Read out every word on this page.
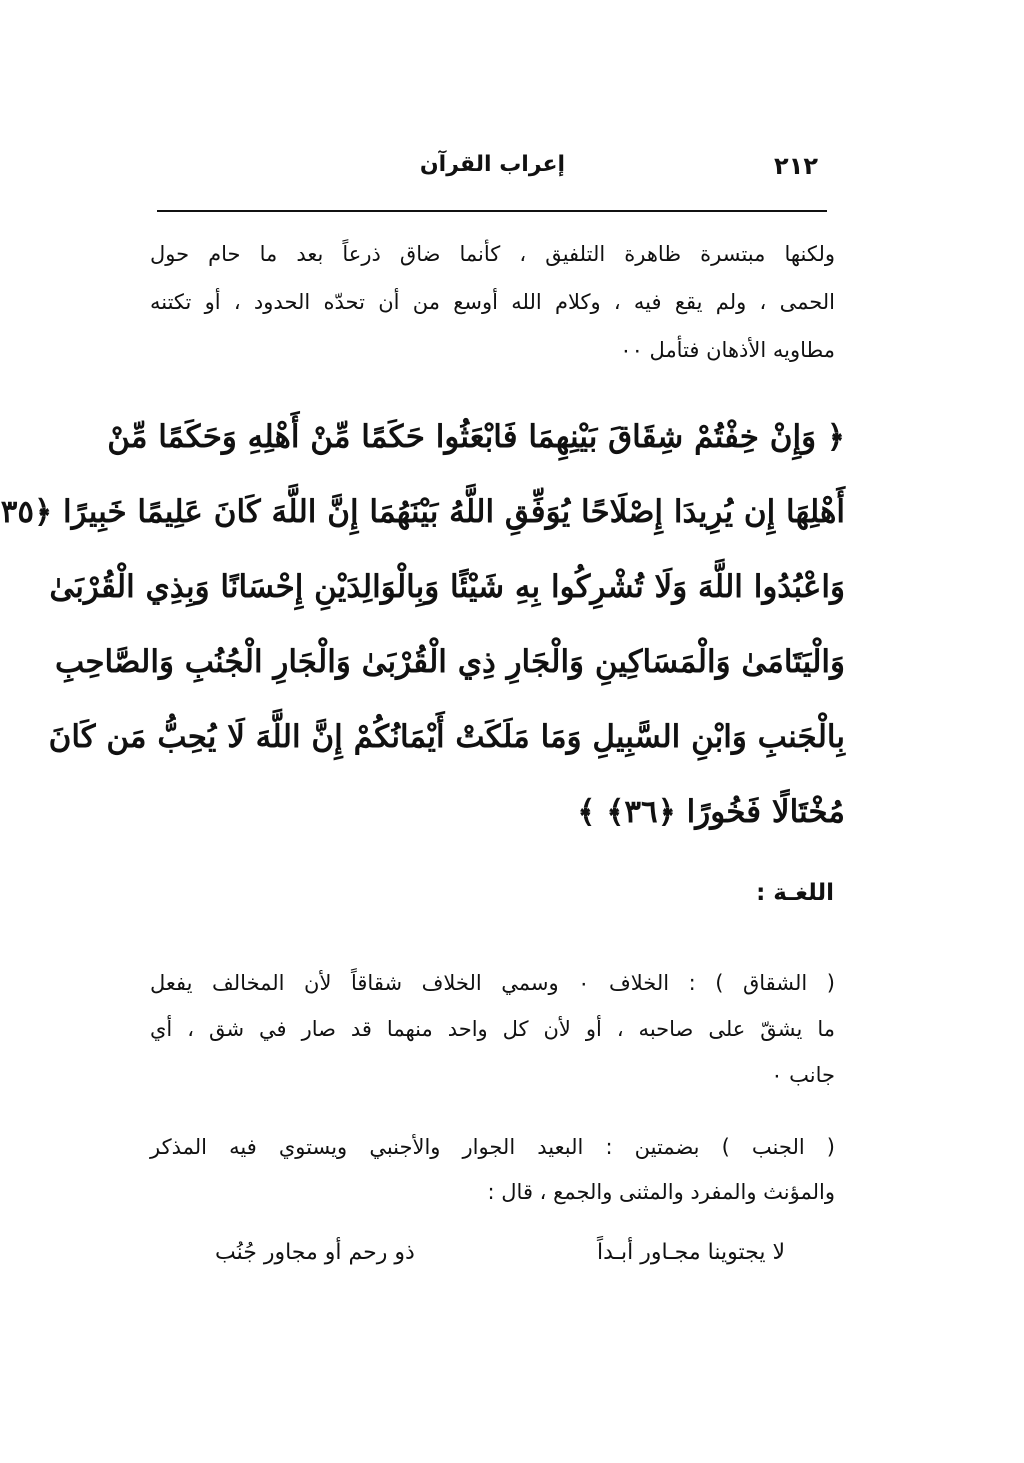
٢١٢
إعراب القرآن
ولكنها مبتسرة ظاهرة التلفيق ، كأنما ضاق ذرعاً بعد ما حام حول
الحمى ، ولم يقع فيه ، وكلام الله أوسع من أن تحدّه الحدود ، أو تكتنه
مطاويه الأذهان فتأمل ٠٠
﴿ وَإِنْ خِفْتُمْ شِقَاقَ بَيْنِهِمَا فَابْعَثُوا حَكَمًا مِّنْ أَهْلِهِ وَحَكَمًا مِّنْ
أَهْلِهَا إِن يُرِيدَا إِصْلَاحًا يُوَفِّقِ اللَّهُ بَيْنَهُمَا إِنَّ اللَّهَ كَانَ عَلِيمًا خَبِيرًا ﴿٣٥
وَاعْبُدُوا اللَّهَ وَلَا تُشْرِكُوا بِهِ شَيْئًا وَبِالْوَالِدَيْنِ إِحْسَانًا وَبِذِي الْقُرْبَىٰ
وَالْيَتَامَىٰ وَالْمَسَاكِينِ وَالْجَارِ ذِي الْقُرْبَىٰ وَالْجَارِ الْجُنُبِ وَالصَّاحِبِ
بِالْجَنبِ وَابْنِ السَّبِيلِ وَمَا مَلَكَتْ أَيْمَانُكُمْ إِنَّ اللَّهَ لَا يُحِبُّ مَن كَانَ
مُخْتَالًا فَخُورًا ﴿٣٦﴾ ﴾
اللغـة :
( الشقاق ) : الخلاف ٠ وسمي الخلاف شقاقاً لأن المخالف يفعل
ما يشقّ على صاحبه ، أو لأن كل واحد منهما قد صار في شق ، أي
جانب ٠
( الجنب ) بضمتين : البعيد الجوار والأجنبي ويستوي فيه المذكر
والمؤنث والمفرد والمثنى والجمع ، قال :
لا يجتوينا مجـاور أبـداً
ذو رحم أو مجاور جُنُب
